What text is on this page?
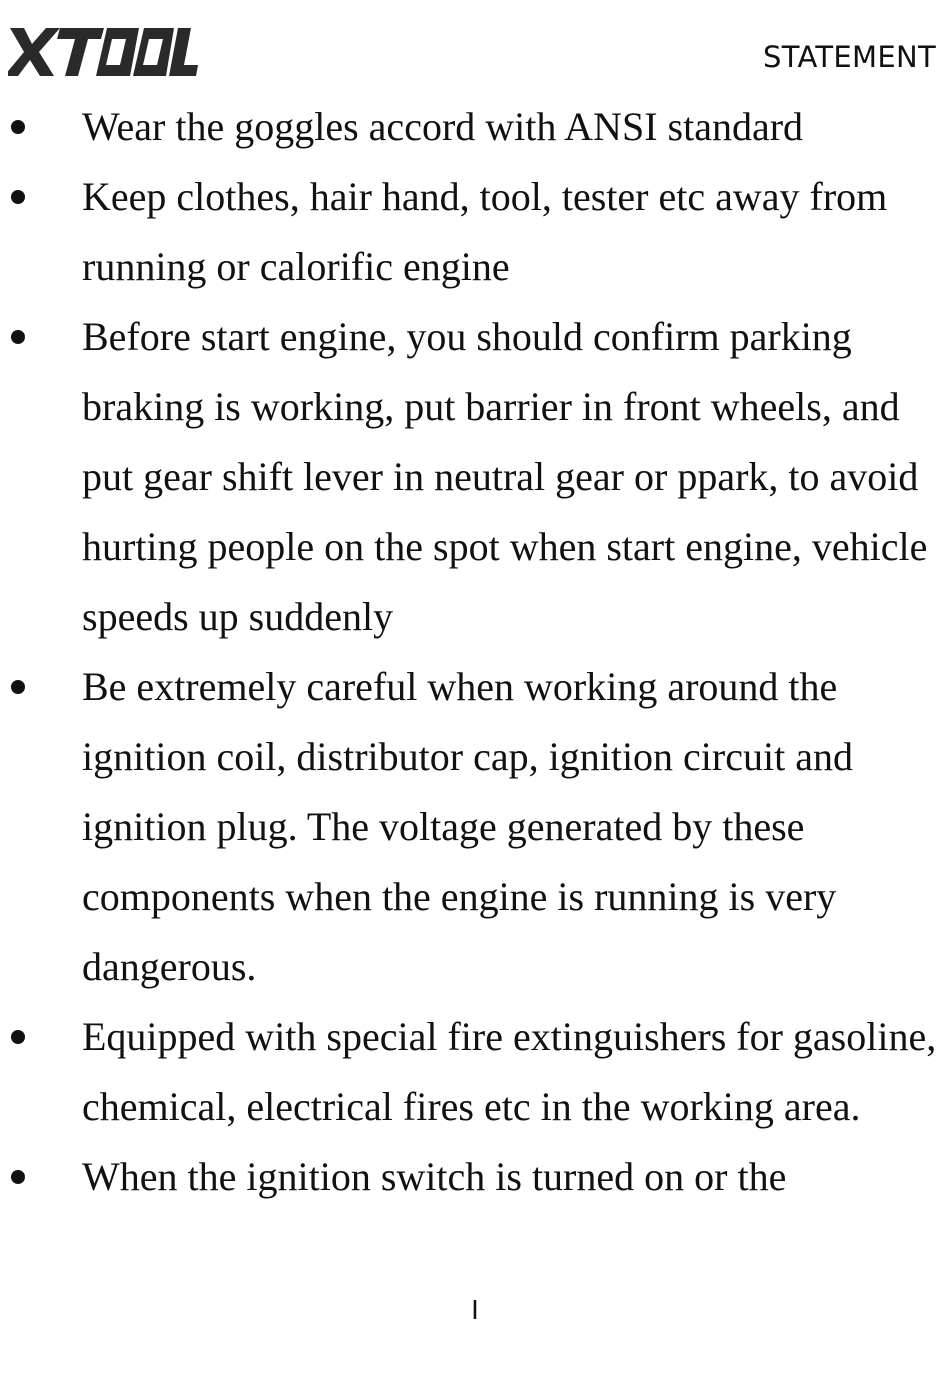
XTOOL
STATEMENT
Wear the goggles accord with ANSI standard
Keep clothes, hair hand, tool, tester etc away from running or calorific engine
Before start engine, you should confirm parking braking is working, put barrier in front wheels, and put gear shift lever in neutral gear or ppark, to avoid hurting people on the spot when start engine, vehicle speeds up suddenly
Be extremely careful when working around the ignition coil, distributor cap, ignition circuit and ignition plug. The voltage generated by these components when the engine is running is very dangerous.
Equipped with special fire extinguishers for gasoline, chemical, electrical fires etc in the working area.
When the ignition switch is turned on or the
I
